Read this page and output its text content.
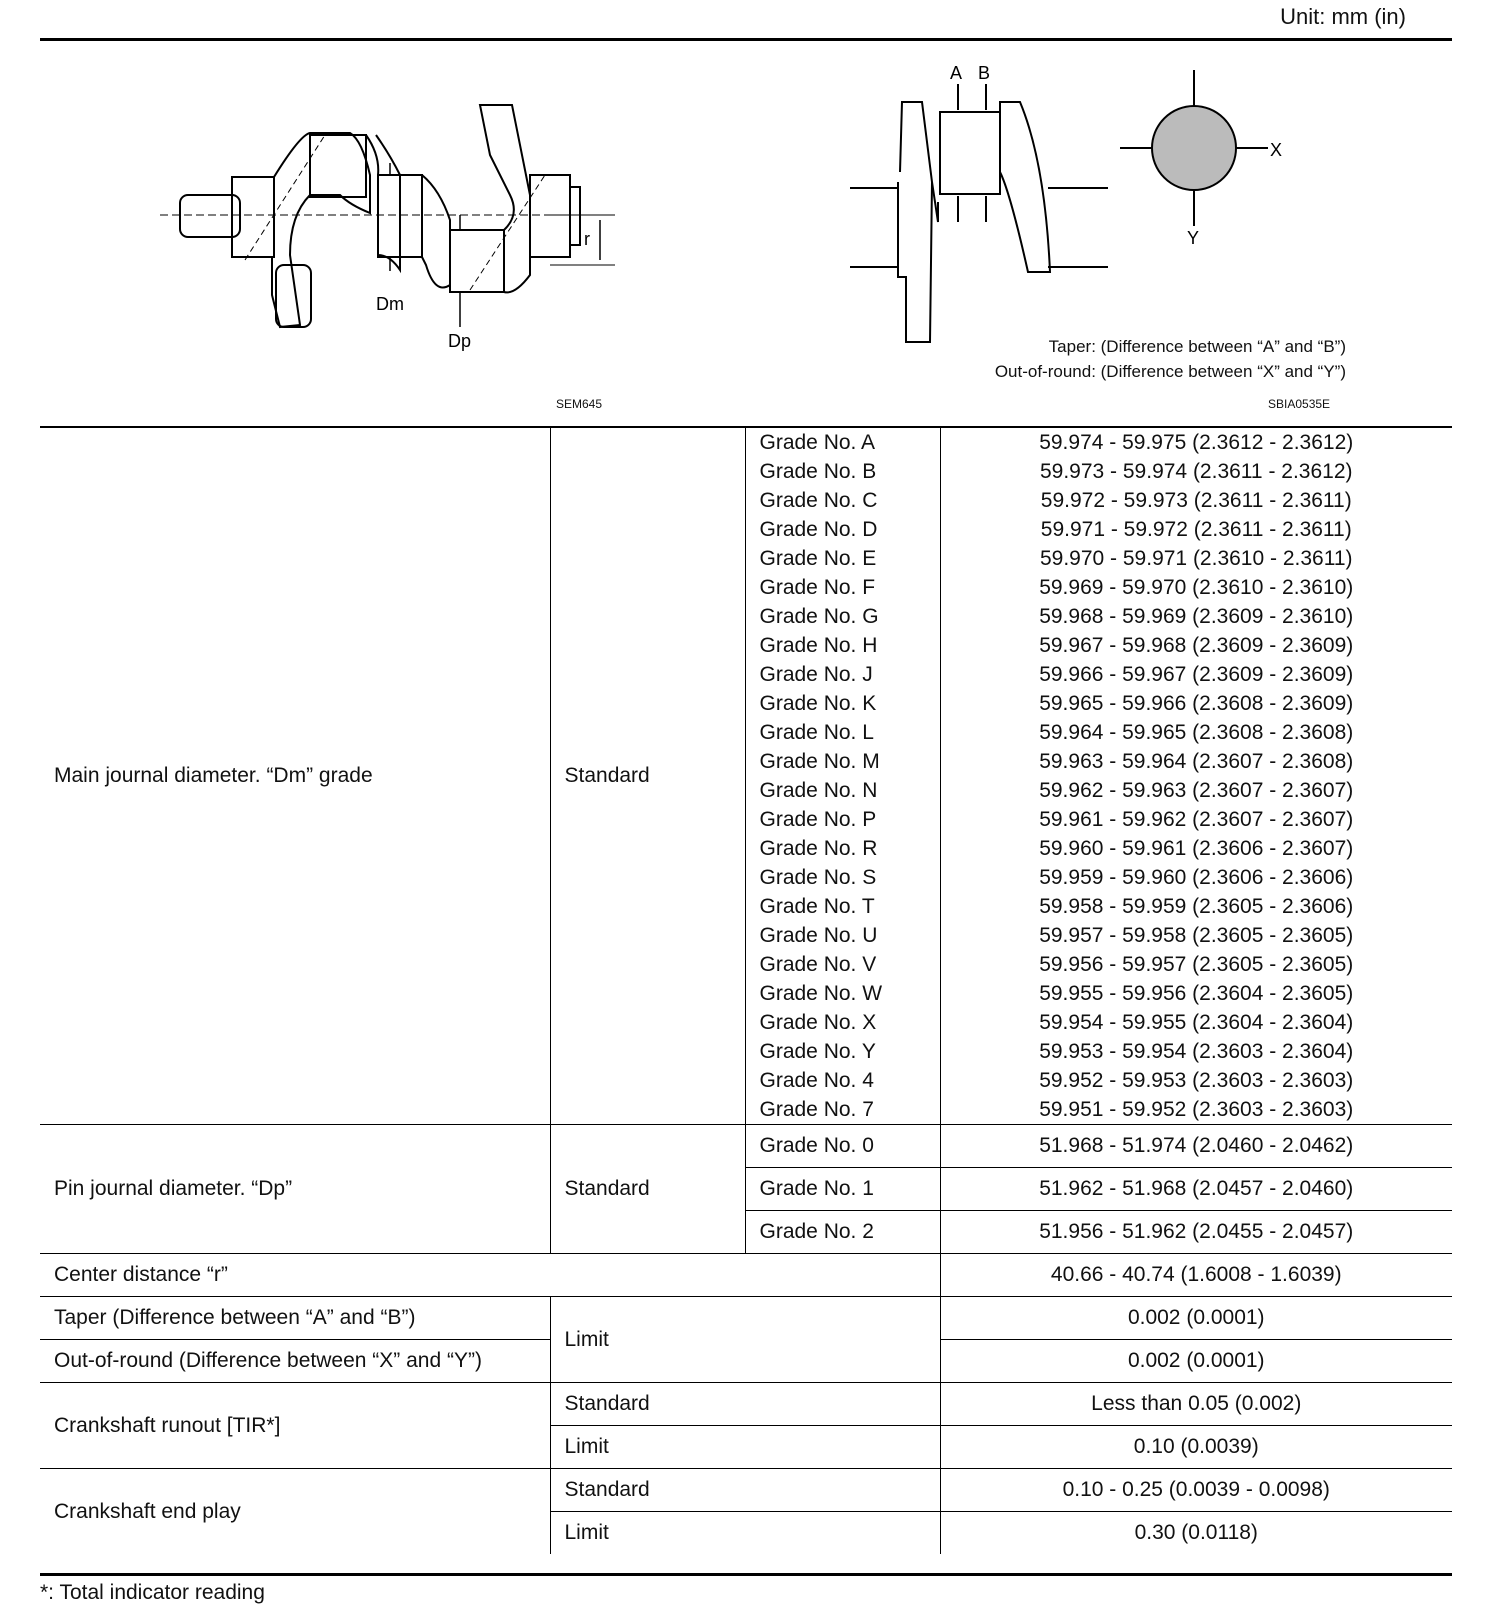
Unit: mm (in)
Dm
Dp
r
SEM645
A B
X
Y
Taper: (Difference between “A” and “B”)
Out-of-round: (Difference between “X” and “Y”)
SBIA0535E
Main journal diameter. “Dm” grade	Standard	Grade No. A	59.974 - 59.975 (2.3612 - 2.3612)
		Grade No. B	59.973 - 59.974 (2.3611 - 2.3612)
		Grade No. C	59.972 - 59.973 (2.3611 - 2.3611)
		Grade No. D	59.971 - 59.972 (2.3611 - 2.3611)
		Grade No. E	59.970 - 59.971 (2.3610 - 2.3611)
		Grade No. F	59.969 - 59.970 (2.3610 - 2.3610)
		Grade No. G	59.968 - 59.969 (2.3609 - 2.3610)
		Grade No. H	59.967 - 59.968 (2.3609 - 2.3609)
		Grade No. J	59.966 - 59.967 (2.3609 - 2.3609)
		Grade No. K	59.965 - 59.966 (2.3608 - 2.3609)
		Grade No. L	59.964 - 59.965 (2.3608 - 2.3608)
		Grade No. M	59.963 - 59.964 (2.3607 - 2.3608)
		Grade No. N	59.962 - 59.963 (2.3607 - 2.3607)
		Grade No. P	59.961 - 59.962 (2.3607 - 2.3607)
		Grade No. R	59.960 - 59.961 (2.3606 - 2.3607)
		Grade No. S	59.959 - 59.960 (2.3606 - 2.3606)
		Grade No. T	59.958 - 59.959 (2.3605 - 2.3606)
		Grade No. U	59.957 - 59.958 (2.3605 - 2.3605)
		Grade No. V	59.956 - 59.957 (2.3605 - 2.3605)
		Grade No. W	59.955 - 59.956 (2.3604 - 2.3605)
		Grade No. X	59.954 - 59.955 (2.3604 - 2.3604)
		Grade No. Y	59.953 - 59.954 (2.3603 - 2.3604)
		Grade No. 4	59.952 - 59.953 (2.3603 - 2.3603)
		Grade No. 7	59.951 - 59.952 (2.3603 - 2.3603)
Pin journal diameter. “Dp”	Standard	Grade No. 0	51.968 - 51.974 (2.0460 - 2.0462)
		Grade No. 1	51.962 - 51.968 (2.0457 - 2.0460)
		Grade No. 2	51.956 - 51.962 (2.0455 - 2.0457)
Center distance “r”			40.66 - 40.74 (1.6008 - 1.6039)
Taper (Difference between “A” and “B”)	Limit		0.002 (0.0001)
Out-of-round (Difference between “X” and “Y”)			0.002 (0.0001)
Crankshaft runout [TIR*]	Standard		Less than 0.05 (0.002)
	Limit		0.10 (0.0039)
Crankshaft end play	Standard		0.10 - 0.25 (0.0039 - 0.0098)
	Limit		0.30 (0.0118)
*: Total indicator reading
